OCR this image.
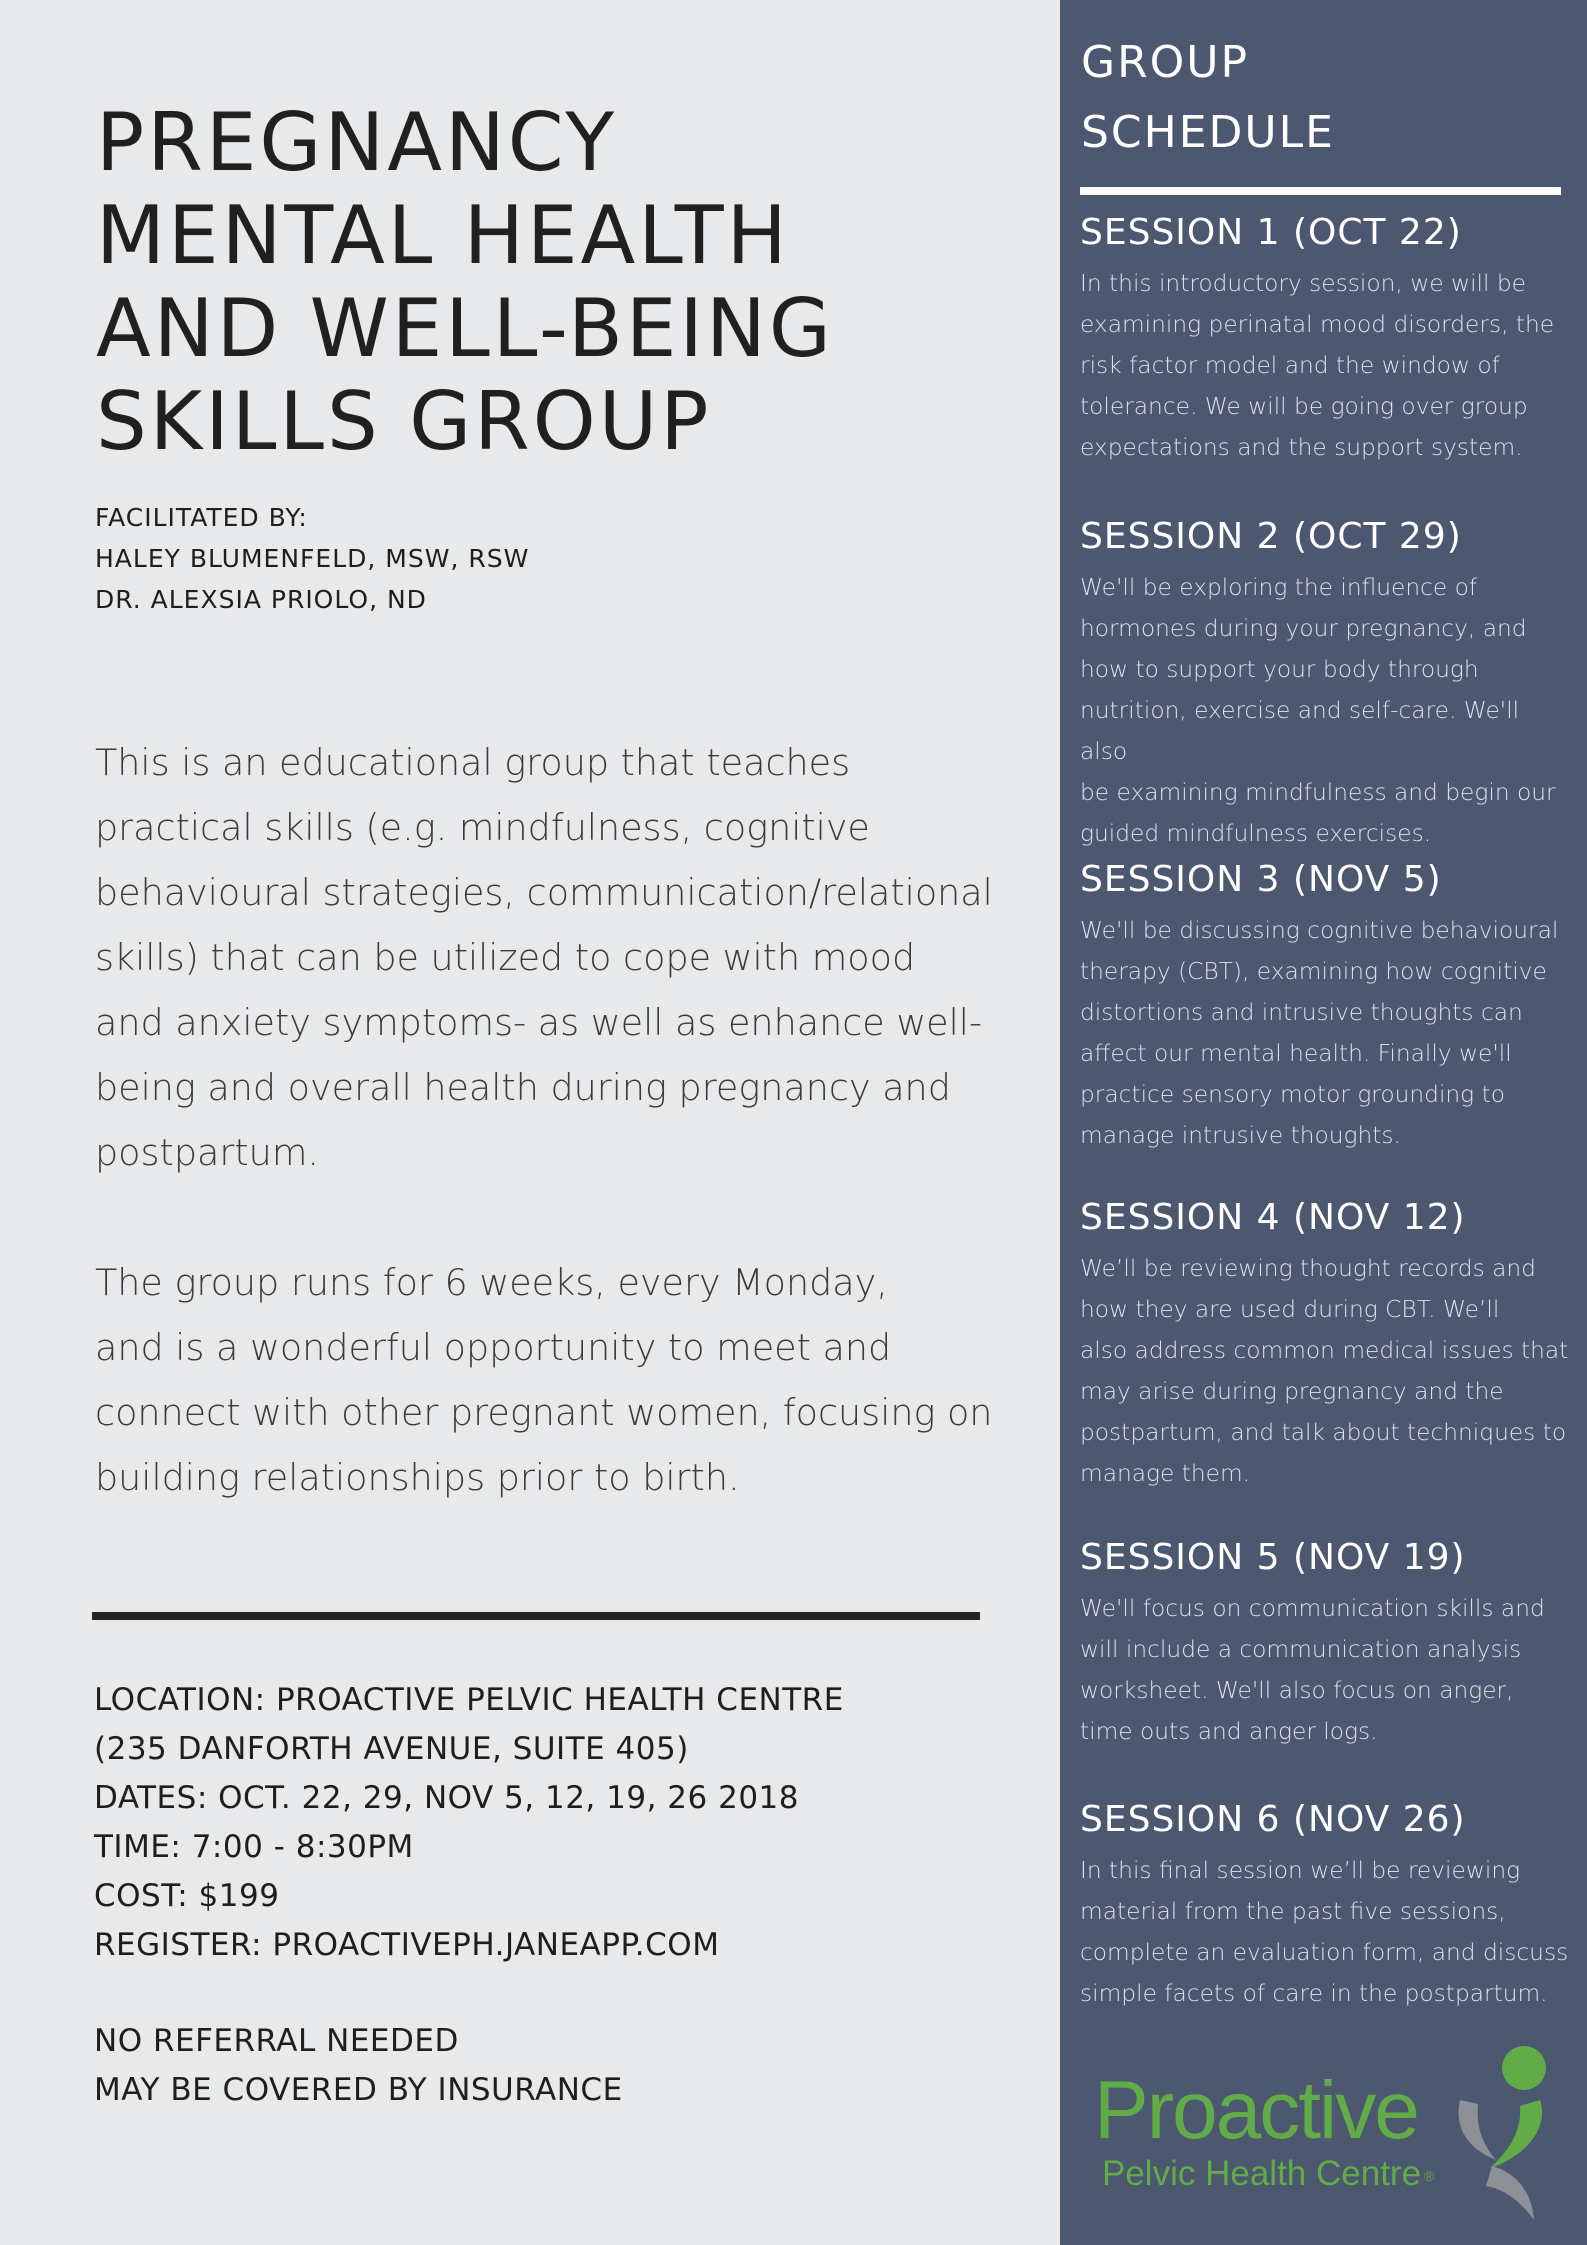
PREGNANCY
MENTAL HEALTH
AND WELL-BEING
SKILLS GROUP
FACILITATED BY:
HALEY BLUMENFELD, MSW, RSW
DR. ALEXSIA PRIOLO, ND
This is an educational group that teaches
practical skills (e.g. mindfulness, cognitive
behavioural strategies, communication/relational
skills) that can be utilized to cope with mood
and anxiety symptoms- as well as enhance well-
being and overall health during pregnancy and
postpartum.
The group runs for 6 weeks, every Monday,
and is a wonderful opportunity to meet and
connect with other pregnant women, focusing on
building relationships prior to birth.
LOCATION: PROACTIVE PELVIC HEALTH CENTRE
(235 DANFORTH AVENUE, SUITE 405)
DATES: OCT. 22, 29, NOV 5, 12, 19, 26 2018
TIME: 7:00 - 8:30PM
COST: $199
REGISTER: PROACTIVEPH.JANEAPP.COM
NO REFERRAL NEEDED
MAY BE COVERED BY INSURANCE
GROUP
SCHEDULE
SESSION 1 (OCT 22)

In this introductory session, we will be
examining perinatal mood disorders, the
risk factor model and the window of
tolerance. We will be going over group
expectations and the support system.

SESSION 2 (OCT 29)

We'll be exploring the influence of
hormones during your pregnancy, and
how to support your body through
nutrition, exercise and self-care. We'll also
be examining mindfulness and begin our
guided mindfulness exercises.

SESSION 3 (NOV 5)

We'll be discussing cognitive behavioural
therapy (CBT), examining how cognitive
distortions and intrusive thoughts can
affect our mental health. Finally we'll
practice sensory motor grounding to
manage intrusive thoughts.

SESSION 4 (NOV 12)

We’ll be reviewing thought records and
how they are used during CBT. We’ll
also address common medical issues that
may arise during pregnancy and the
postpartum, and talk about techniques to
manage them.

SESSION 5 (NOV 19)

We'll focus on communication skills and
will include a communication analysis
worksheet. We'll also focus on anger,
time outs and anger logs.

SESSION 6 (NOV 26)

In this final session we’ll be reviewing
material from the past five sessions,
complete an evaluation form, and discuss
simple facets of care in the postpartum.

Proactive
Pelvic Health Centre ®
